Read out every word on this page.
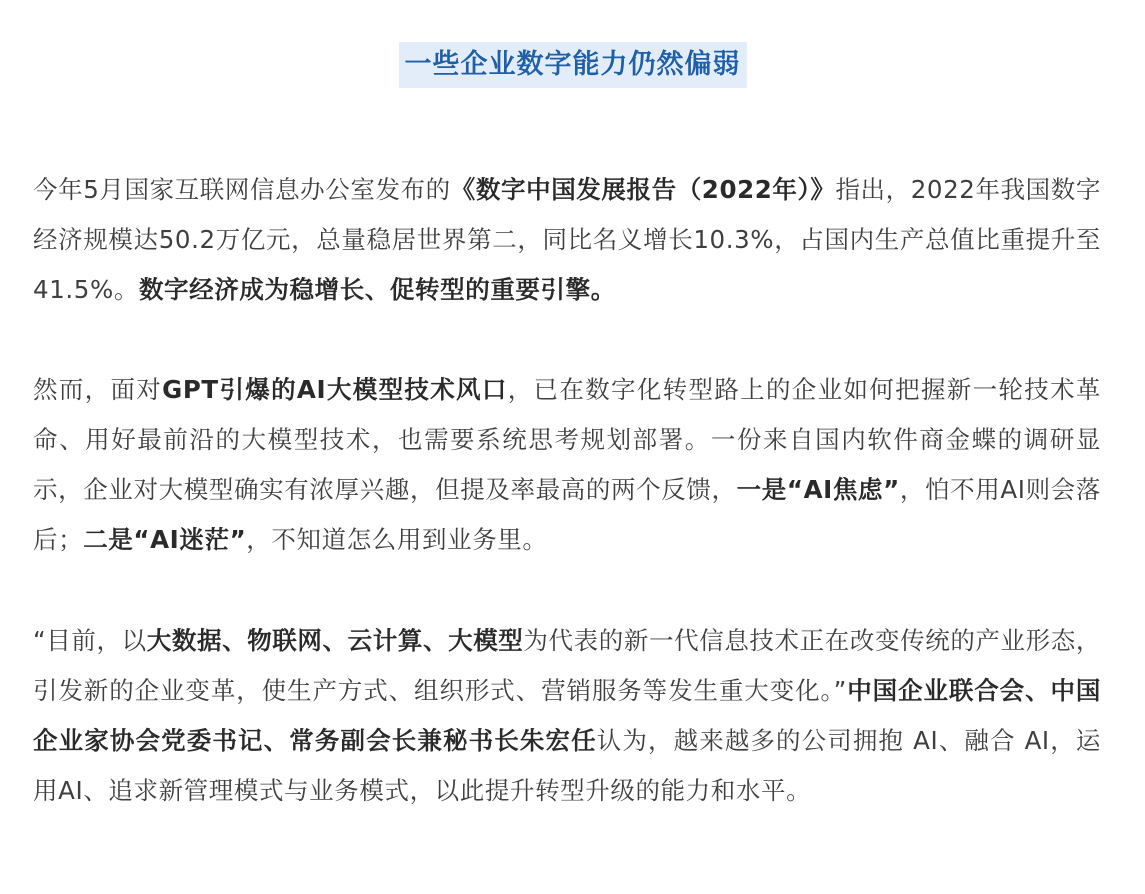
一些企业数字能力仍然偏弱
今年5月国家互联网信息办公室发布的《数字中国发展报告（2022年）》指出，2022年我国数字经济规模达50.2万亿元，总量稳居世界第二，同比名义增长10.3%，占国内生产总值比重提升至41.5%。数字经济成为稳增长、促转型的重要引擎。
然而，面对GPT引爆的AI大模型技术风口，已在数字化转型路上的企业如何把握新一轮技术革命、用好最前沿的大模型技术，也需要系统思考规划部署。一份来自国内软件商金蝶的调研显示，企业对大模型确实有浓厚兴趣，但提及率最高的两个反馈，一是“AI焦虑”，怕不用AI则会落后；二是“AI迷茫”，不知道怎么用到业务里。
“目前，以大数据、物联网、云计算、大模型为代表的新一代信息技术正在改变传统的产业形态，引发新的企业变革，使生产方式、组织形式、营销服务等发生重大变化。”中国企业联合会、中国企业家协会党委书记、常务副会长兼秘书长朱宏任认为，越来越多的公司拥抱 AI、融合 AI，运用AI、追求新管理模式与业务模式，以此提升转型升级的能力和水平。
